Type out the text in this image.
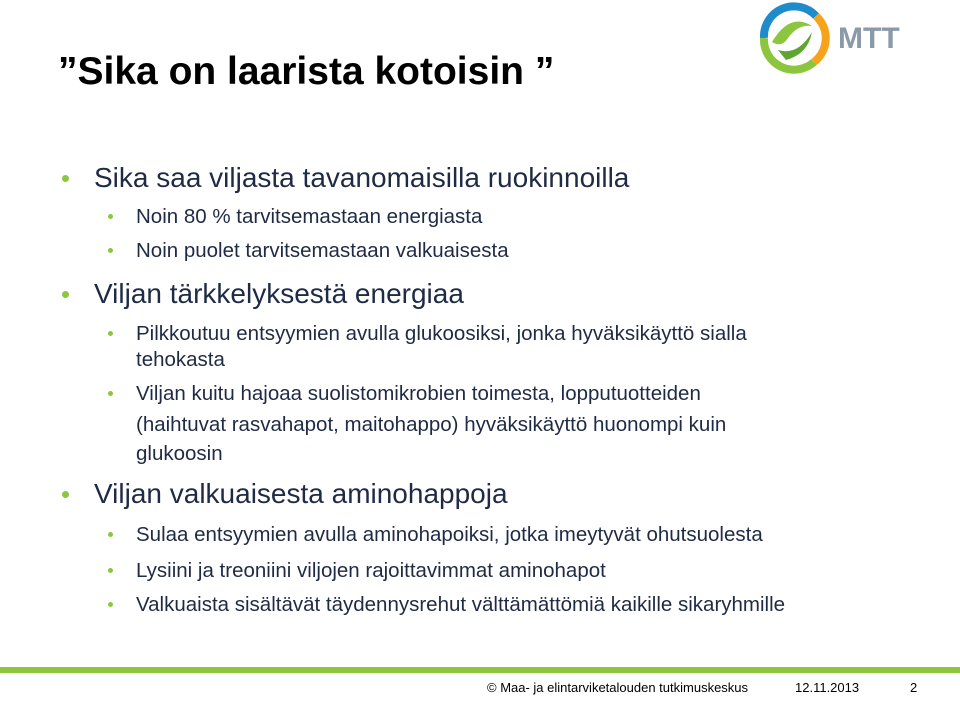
”Sika on laarista kotoisin ”
MTT
Sika saa viljasta tavanomaisilla ruokinnoilla
Noin 80 % tarvitsemastaan energiasta
Noin puolet tarvitsemastaan valkuaisesta
Viljan tärkkelyksestä energiaa
Pilkkoutuu entsyymien avulla glukoosiksi, jonka hyväksikäyttö sialla
tehokasta
Viljan kuitu hajoaa suolistomikrobien toimesta, lopputuotteiden
(haihtuvat rasvahapot, maitohappo) hyväksikäyttö huonompi kuin
glukoosin
Viljan valkuaisesta aminohappoja
Sulaa entsyymien avulla aminohapoiksi, jotka imeytyvät ohutsuolesta
Lysiini ja treoniini viljojen rajoittavimmat aminohapot
Valkuaista sisältävät täydennysrehut välttämättömiä kaikille sikaryhmille
© Maa- ja elintarviketalouden tutkimuskeskus	12.11.2013	2
